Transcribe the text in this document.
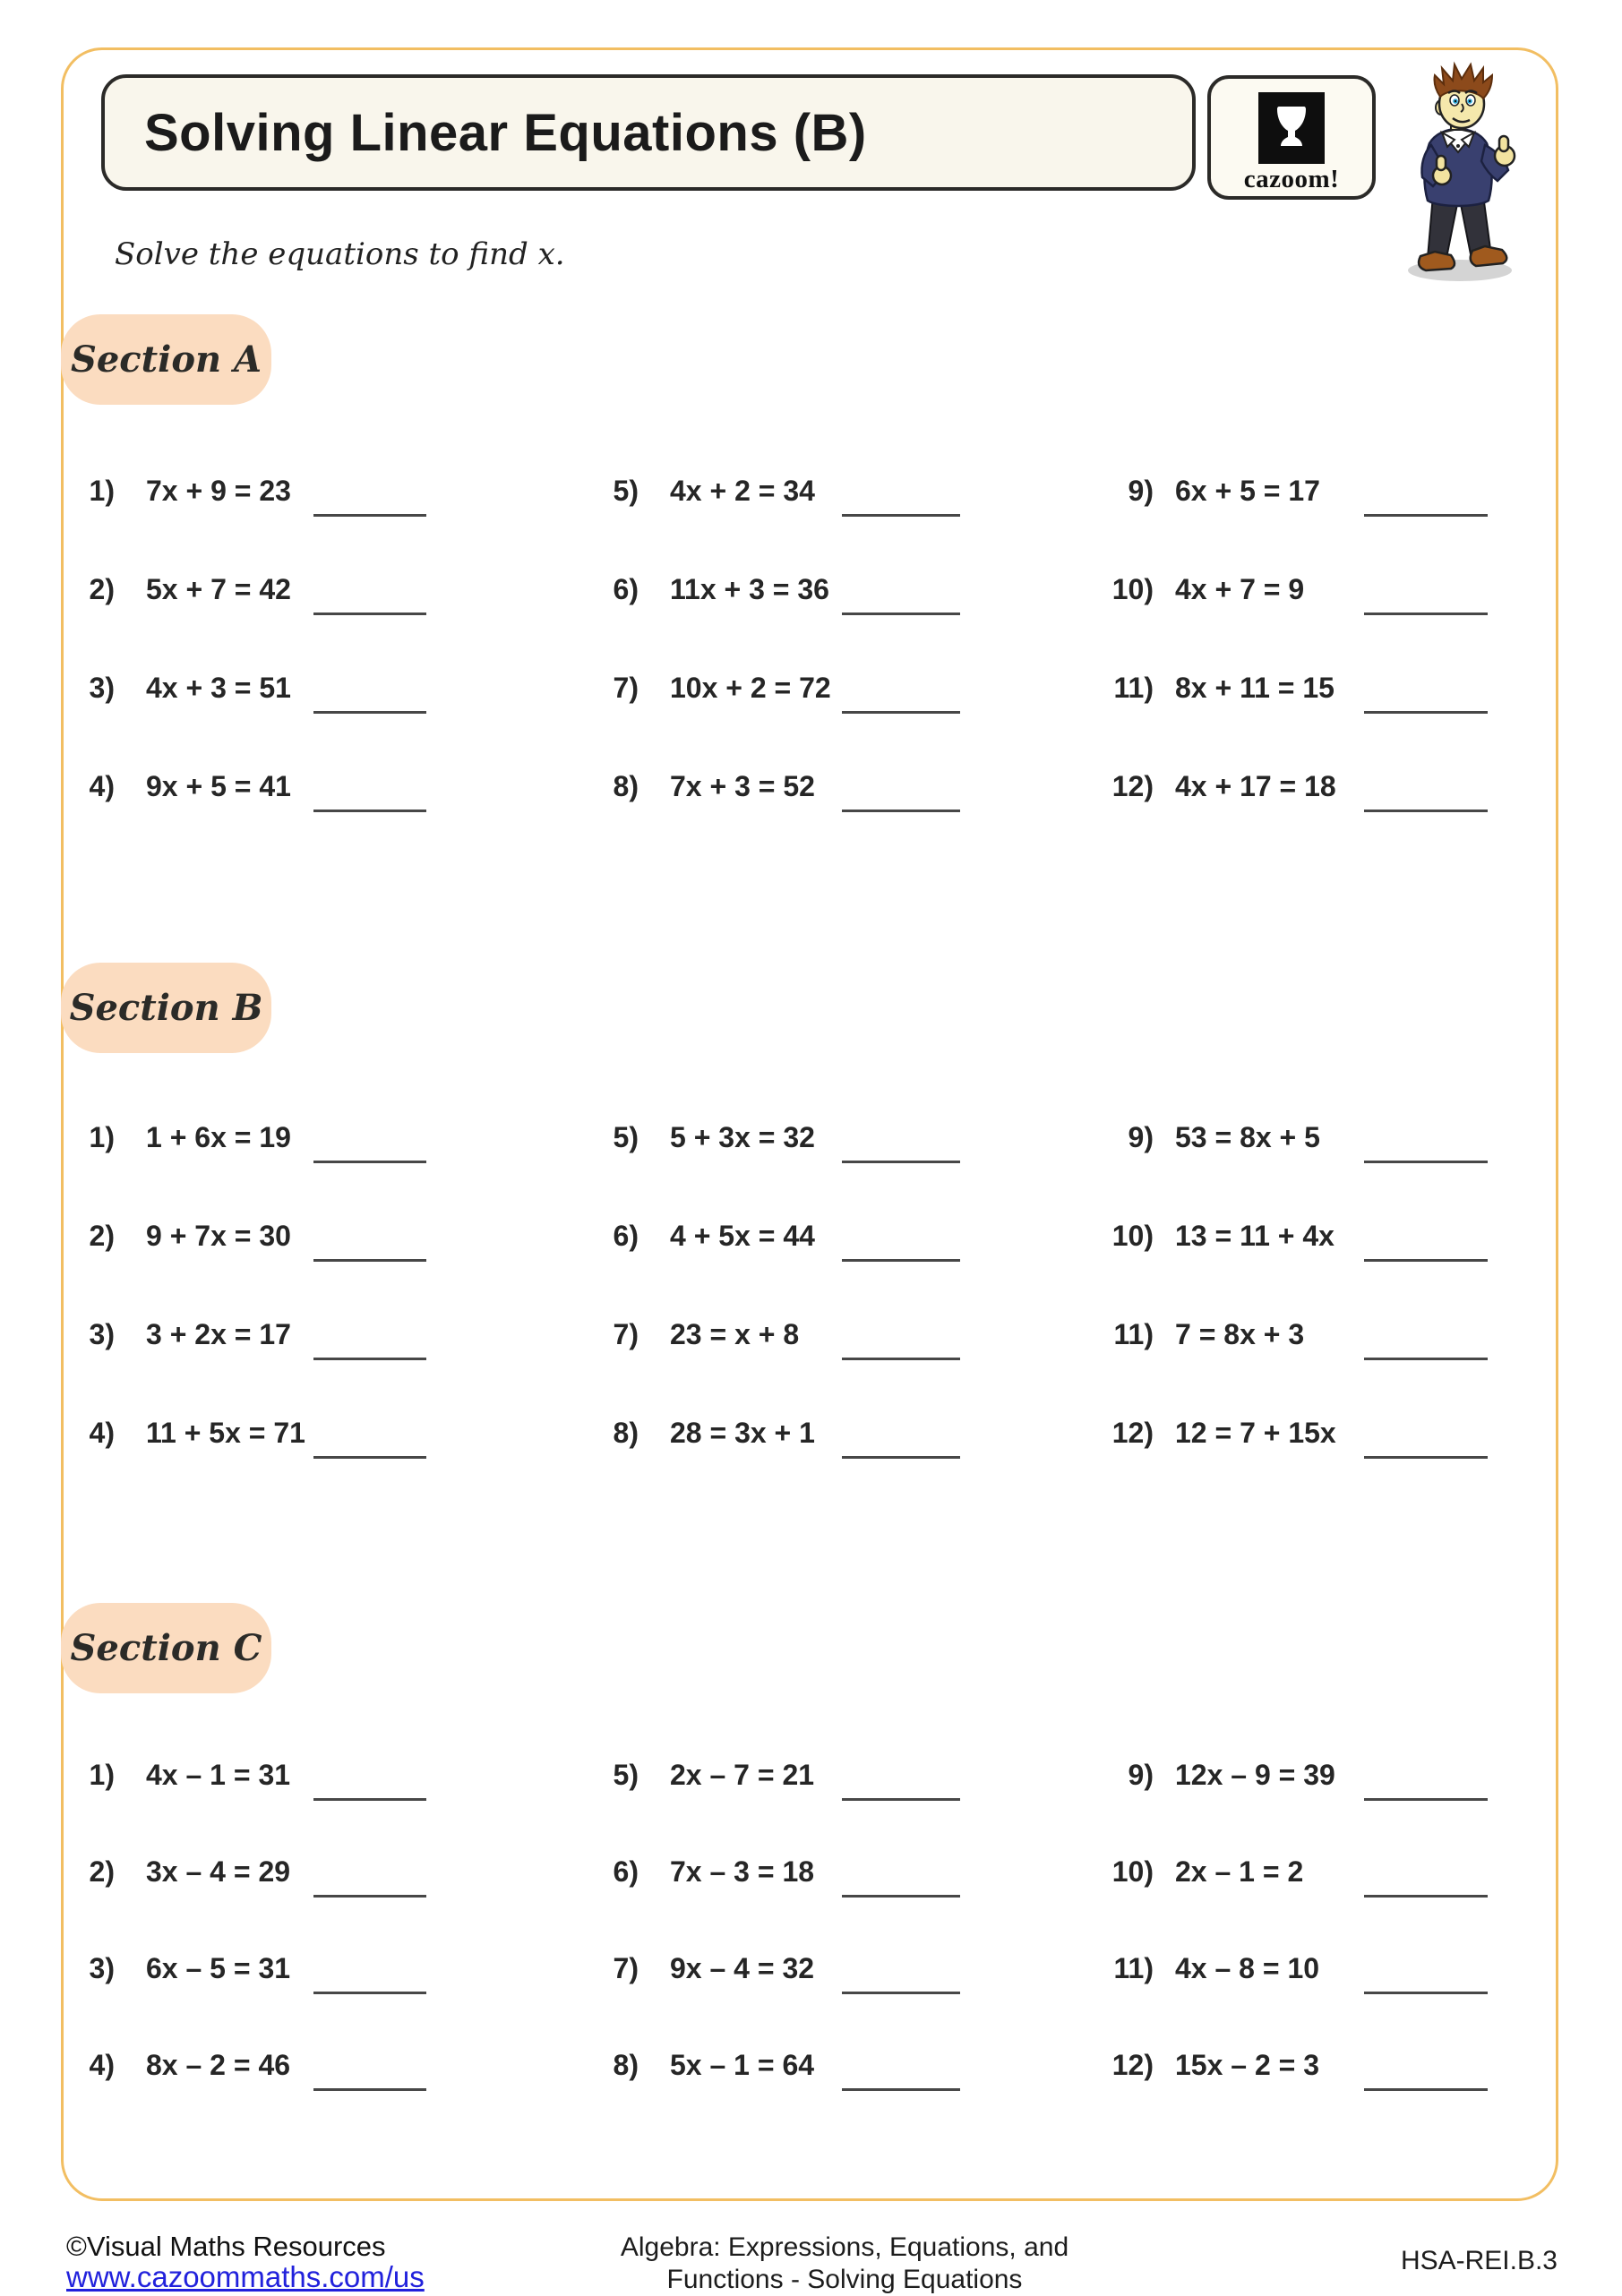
Solving Linear Equations (B)
cazoom!
Solve the equations to find x.
Section A
Section B
Section C
1) 7x + 9 = 23
2) 5x + 7 = 42
3) 4x + 3 = 51
4) 9x + 5 = 41
5) 4x + 2 = 34
6) 11x + 3 = 36
7) 10x + 2 = 72
8) 7x + 3 = 52
9) 6x + 5 = 17
10) 4x + 7 = 9
11) 8x + 11 = 15
12) 4x + 17 = 18
1) 1 + 6x = 19
2) 9 + 7x = 30
3) 3 + 2x = 17
4) 11 + 5x = 71
5) 5 + 3x = 32
6) 4 + 5x = 44
7) 23 = x + 8
8) 28 = 3x + 1
9) 53 = 8x + 5
10) 13 = 11 + 4x
11) 7 = 8x + 3
12) 12 = 7 + 15x
1) 4x – 1 = 31
2) 3x – 4 = 29
3) 6x – 5 = 31
4) 8x – 2 = 46
5) 2x – 7 = 21
6) 7x – 3 = 18
7) 9x – 4 = 32
8) 5x – 1 = 64
9) 12x – 9 = 39
10) 2x – 1 = 2
11) 4x – 8 = 10
12) 15x – 2 = 3
©Visual Maths Resources
www.cazoommaths.com/us
Algebra: Expressions, Equations, and
Functions - Solving Equations
HSA-REI.B.3
